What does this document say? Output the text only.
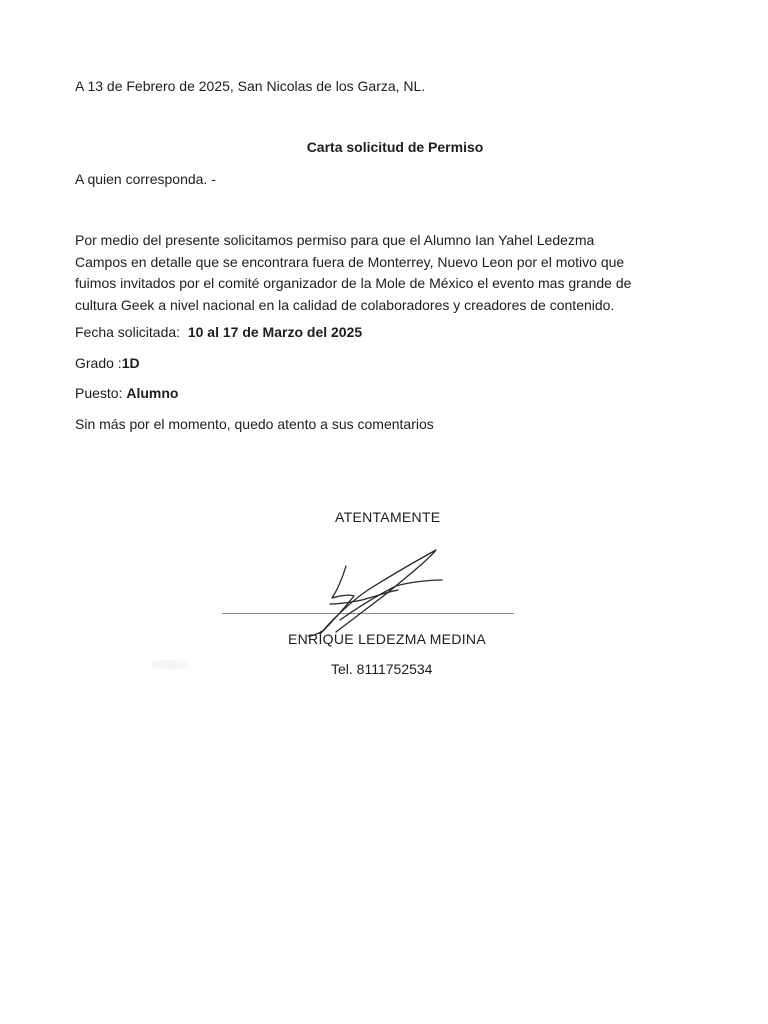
A 13 de Febrero de 2025, San Nicolas de los Garza, NL.
Carta solicitud de Permiso
A quien corresponda. -
Por medio del presente solicitamos permiso para que el Alumno Ian Yahel Ledezma
Campos en detalle que se encontrara fuera de Monterrey, Nuevo Leon por el motivo que
fuimos invitados por el comité organizador de la Mole de México el evento mas grande de
cultura Geek a nivel nacional en la calidad de colaboradores y creadores de contenido.
Fecha solicitada: 10 al 17 de Marzo del 2025
Grado :1D
Puesto: Alumno
Sin más por el momento, quedo atento a sus comentarios
ATENTAMENTE
ENRIQUE LEDEZMA MEDINA
Tel. 8111752534
